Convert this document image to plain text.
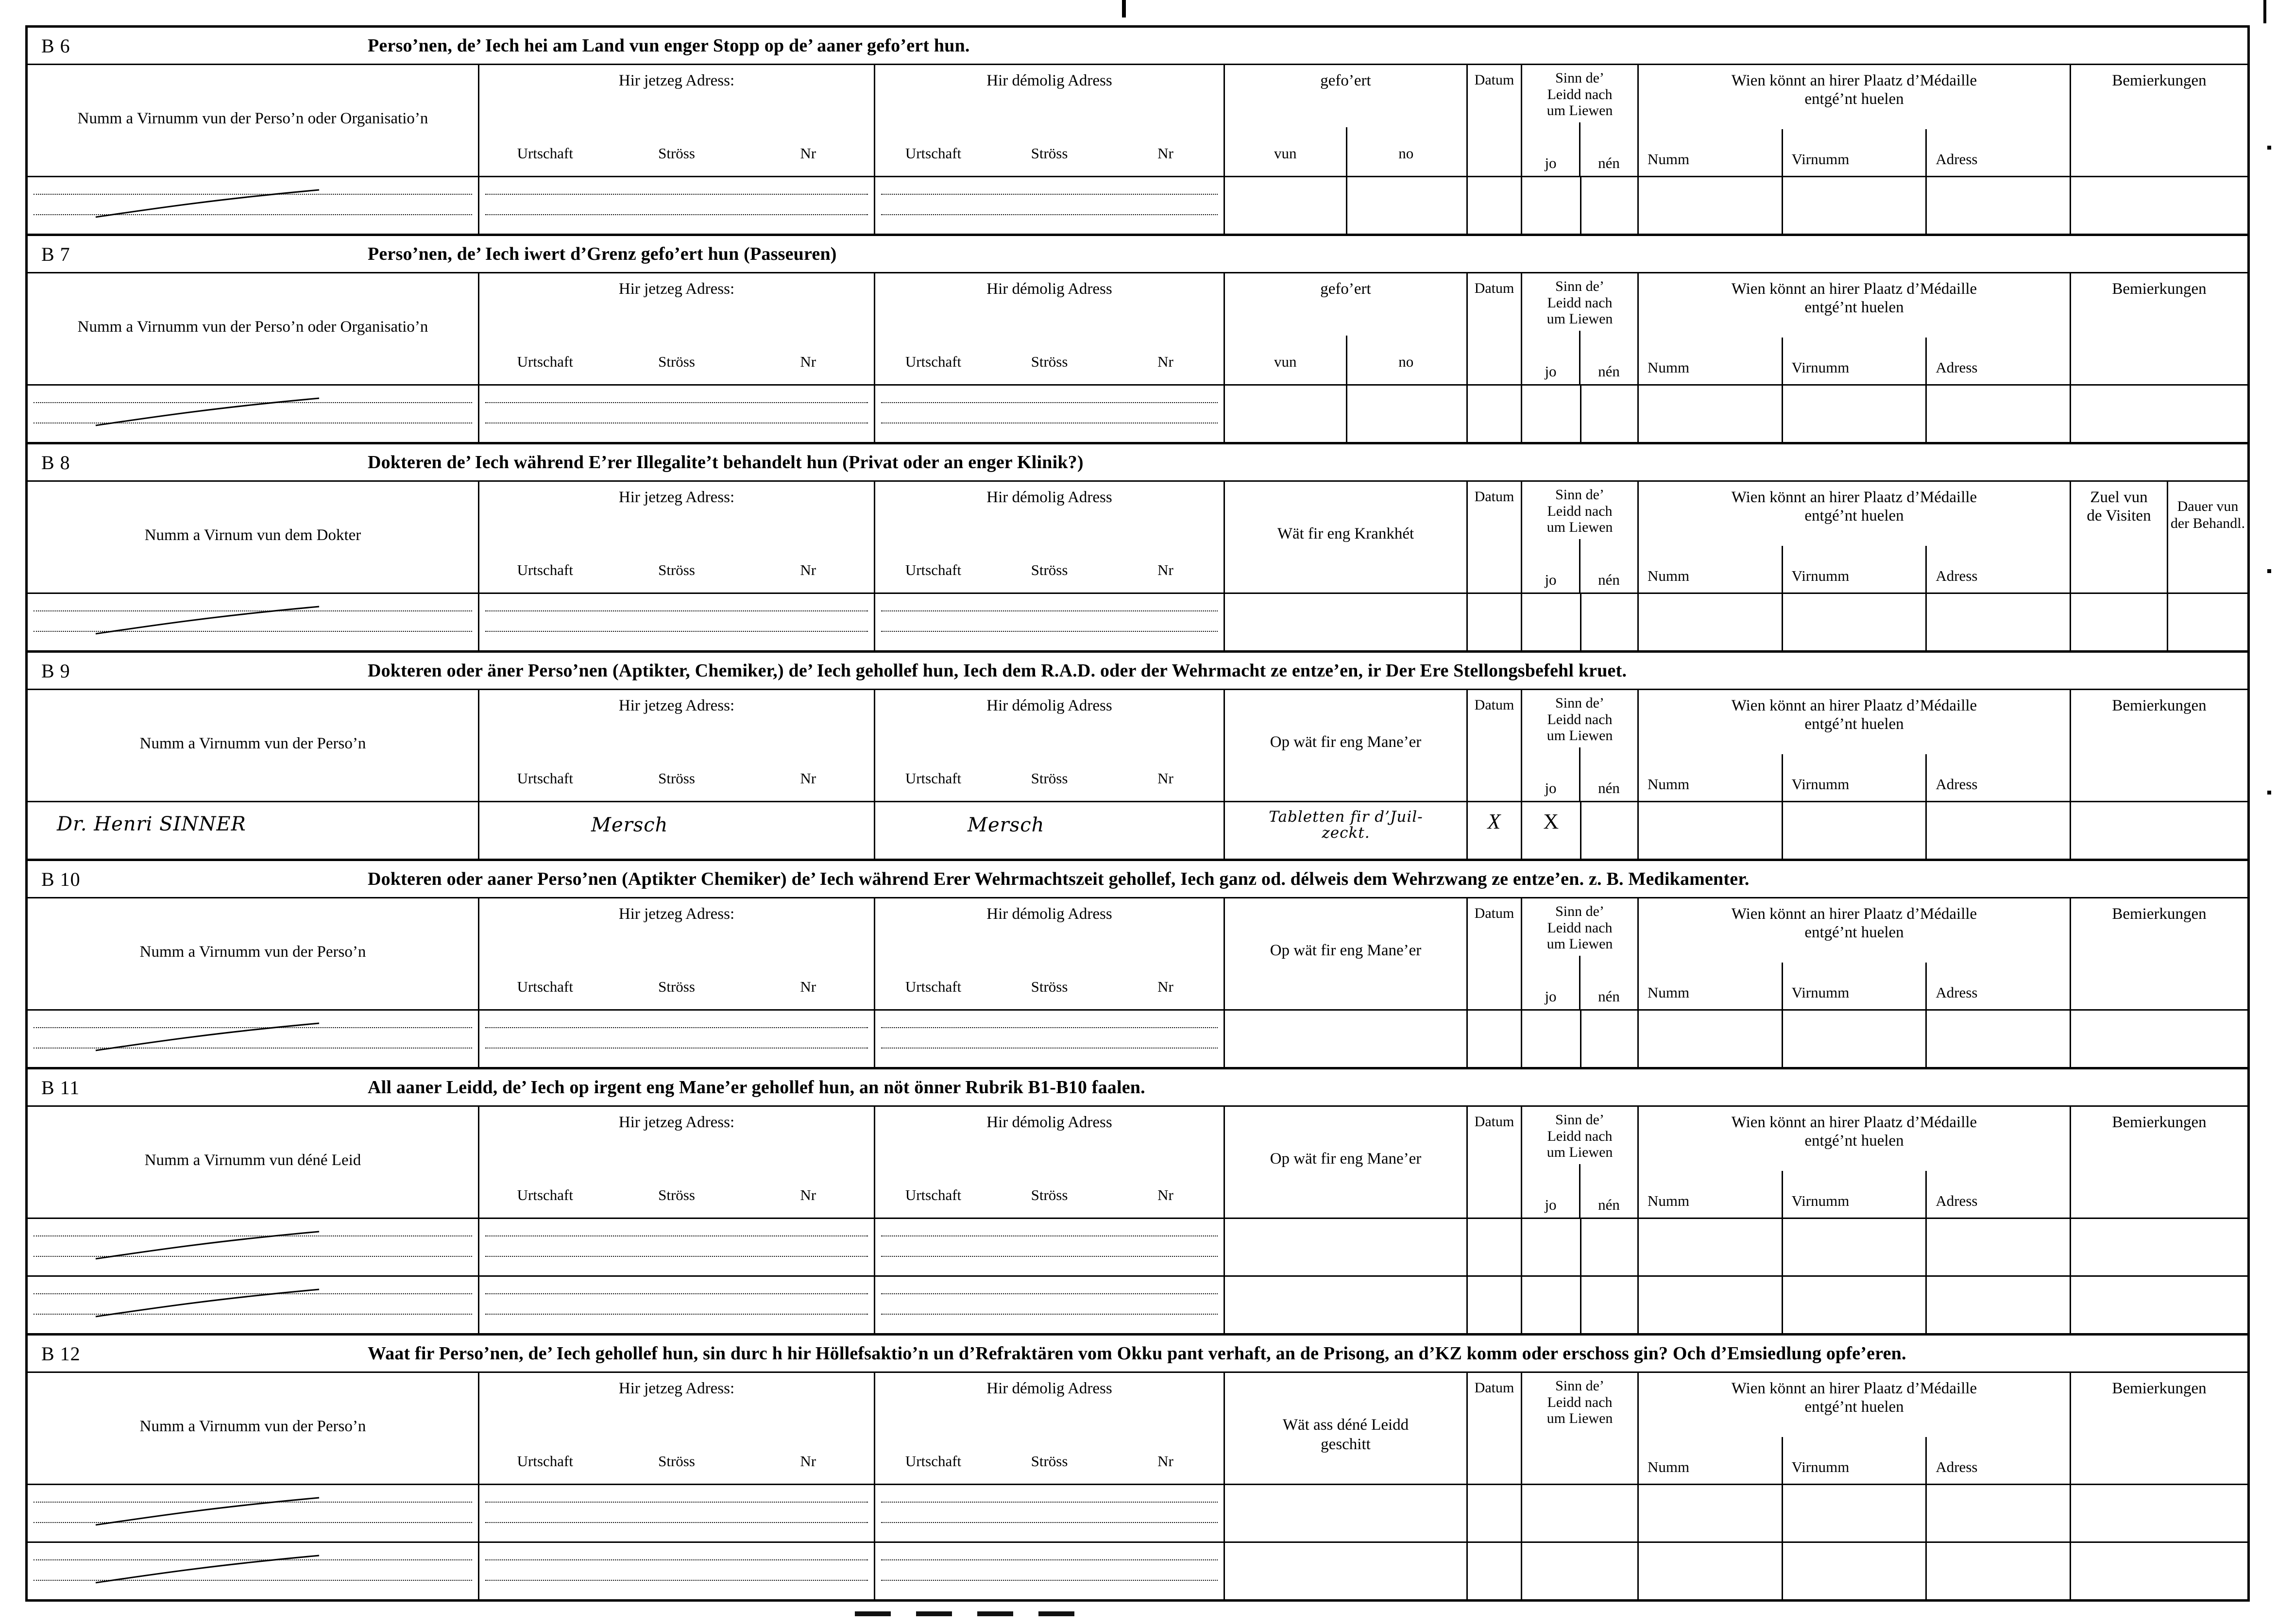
B 6	Perso’nen, de’ Iech hei am Land vun enger Stopp op de’ aaner gefo’ert hun.
Numm a Virnumm vun der Perso’n oder Organisatio’n
Hir jetzeg Adress:
Urtschaft	Ströss	Nr
Hir démolig Adress
Urtschaft	Ströss	Nr
gefo’ert
vun	no
Datum	Sinn de’
Leidd nach
um Liewen
jo	nén
Wien könnt an hirer Plaatz d’Médaille
entgé’nt huelen
Numm	Virnumm	Adress
Bemierkungen
B 7	Perso’nen, de’ Iech iwert d’Grenz gefo’ert hun (Passeuren)
Numm a Virnumm vun der Perso’n oder Organisatio’n
Hir jetzeg Adress:
Urtschaft	Ströss	Nr
Hir démolig Adress
Urtschaft	Ströss	Nr
gefo’ert
vun	no
Datum	Sinn de’
Leidd nach
um Liewen
jo	nén
Wien könnt an hirer Plaatz d’Médaille
entgé’nt huelen
Numm	Virnumm	Adress
Bemierkungen
B 8	Dokteren de’ Iech während E’rer Illegalite’t behandelt hun (Privat oder an enger Klinik?)
Numm a Virnum vun dem Dokter
Hir jetzeg Adress:
Urtschaft	Ströss	Nr
Hir démolig Adress
Urtschaft	Ströss	Nr
Wät fir eng Krankhét
Datum	Sinn de’
Leidd nach
um Liewen
jo	nén
Wien könnt an hirer Plaatz d’Médaille
entgé’nt huelen
Numm	Virnumm	Adress
Zuel vun
de Visiten
Dauer vun
der Behandl.
B 9	Dokteren oder äner Perso’nen (Aptikter, Chemiker,) de’ Iech gehollef hun, Iech dem R.A.D. oder der Wehrmacht ze entze’en, ir Der Ere Stellongsbefehl kruet.
Numm a Virnumm vun der Perso’n
Hir jetzeg Adress:
Urtschaft	Ströss	Nr
Hir démolig Adress
Urtschaft	Ströss	Nr
Op wät fir eng Mane’er
Datum	Sinn de’
Leidd nach
um Liewen
jo	nén
Wien könnt an hirer Plaatz d’Médaille
entgé’nt huelen
Numm	Virnumm	Adress
Bemierkungen
Dr. Henri SINNER	Mersch	Mersch	Tabletten fir d’Juil-
zeckt.	X	X
B 10	Dokteren oder aaner Perso’nen (Aptikter Chemiker) de’ Iech während Erer Wehrmachtszeit gehollef, Iech ganz od. délweis dem Wehrzwang ze entze’en. z. B. Medikamenter.
Numm a Virnumm vun der Perso’n
Hir jetzeg Adress:
Urtschaft	Ströss	Nr
Hir démolig Adress
Urtschaft	Ströss	Nr
Op wät fir eng Mane’er
Datum	Sinn de’
Leidd nach
um Liewen
jo	nén
Wien könnt an hirer Plaatz d’Médaille
entgé’nt huelen
Numm	Virnumm	Adress
Bemierkungen
B 11	All aaner Leidd, de’ Iech op irgent eng Mane’er gehollef hun, an nöt önner Rubrik B1-B10 faalen.
Numm a Virnumm vun déné Leid
Hir jetzeg Adress:
Urtschaft	Ströss	Nr
Hir démolig Adress
Urtschaft	Ströss	Nr
Op wät fir eng Mane’er
Datum	Sinn de’
Leidd nach
um Liewen
jo	nén
Wien könnt an hirer Plaatz d’Médaille
entgé’nt huelen
Numm	Virnumm	Adress
Bemierkungen
B 12	Waat fir Perso’nen, de’ Iech gehollef hun, sin durc h hir Höllefsaktio’n un d’Refraktären vom Okku pant verhaft, an de Prisong, an d’KZ komm oder erschoss gin? Och d’Emsiedlung opfe’eren.
Numm a Virnumm vun der Perso’n
Hir jetzeg Adress:
Urtschaft	Ströss	Nr
Hir démolig Adress
Urtschaft	Ströss	Nr
Wät ass déné Leidd
geschitt
Datum	Sinn de’
Leidd nach
um Liewen
Wien könnt an hirer Plaatz d’Médaille
entgé’nt huelen
Numm	Virnumm	Adress
Bemierkungen
